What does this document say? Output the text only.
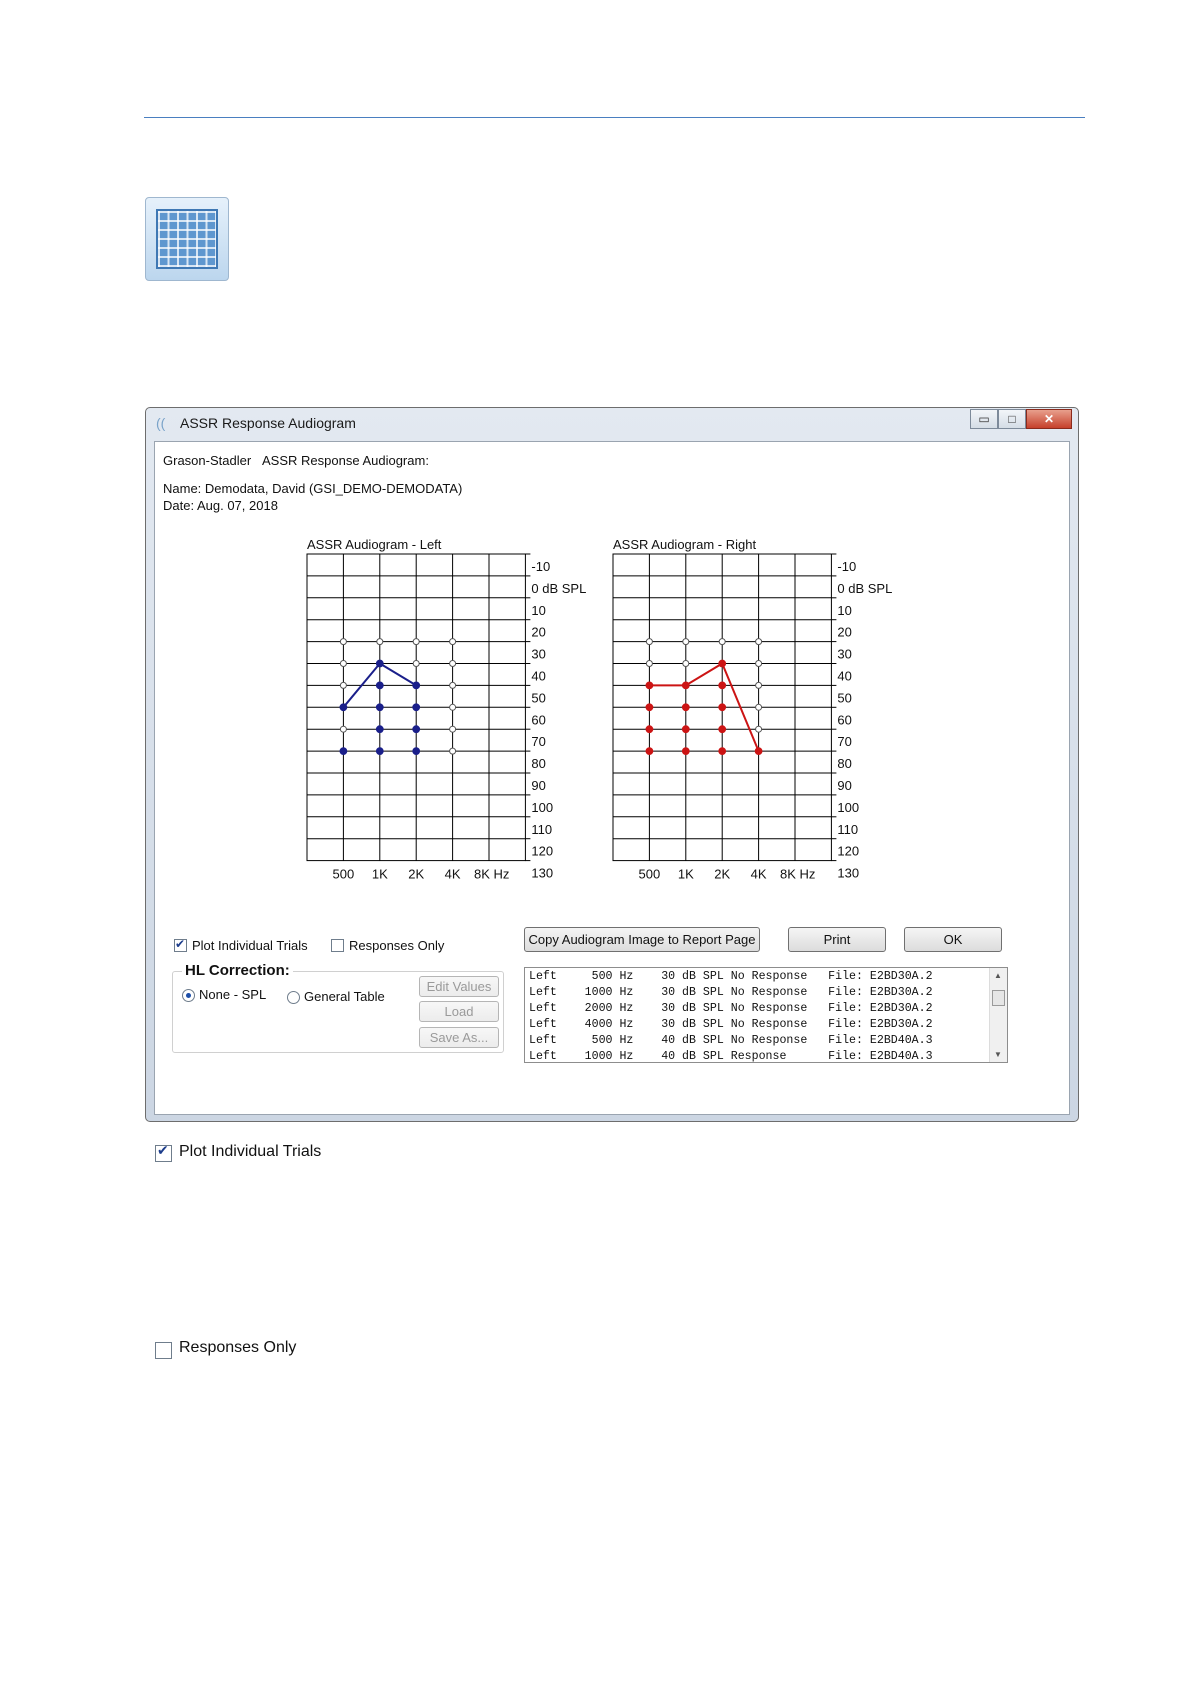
((	ASSR Response Audiogram	▭	□	✕
Grason-Stadler ASSR Response Audiogram:
Name: Demodata, David (GSI_DEMO-DEMODATA)
Date: Aug. 07, 2018
ASSR Audiogram - Left
-10
0 dB SPL
10
20
30
40
50
60
70
80
90
100
110
120
130
500 1K 2K 4K 8K Hz
ASSR Audiogram - Right
-10
0 dB SPL
10
20
30
40
50
60
70
80
90
100
110
120
130
500 1K 2K 4K 8K Hz
✔
Plot Individual Trials	Responses Only
HL Correction:
None - SPL	General Table
Edit Values
Load
Save As...
Copy Audiogram Image to Report Page	Print	OK
Left     500 Hz    30 dB SPL No Response   File: E2BD30A.2
Left    1000 Hz    30 dB SPL No Response   File: E2BD30A.2
Left    2000 Hz    30 dB SPL No Response   File: E2BD30A.2
Left    4000 Hz    30 dB SPL No Response   File: E2BD30A.2
Left     500 Hz    40 dB SPL No Response   File: E2BD40A.3
Left    1000 Hz    40 dB SPL Response      File: E2BD40A.3
▲
▼
✔
Plot Individual Trials
Responses Only
